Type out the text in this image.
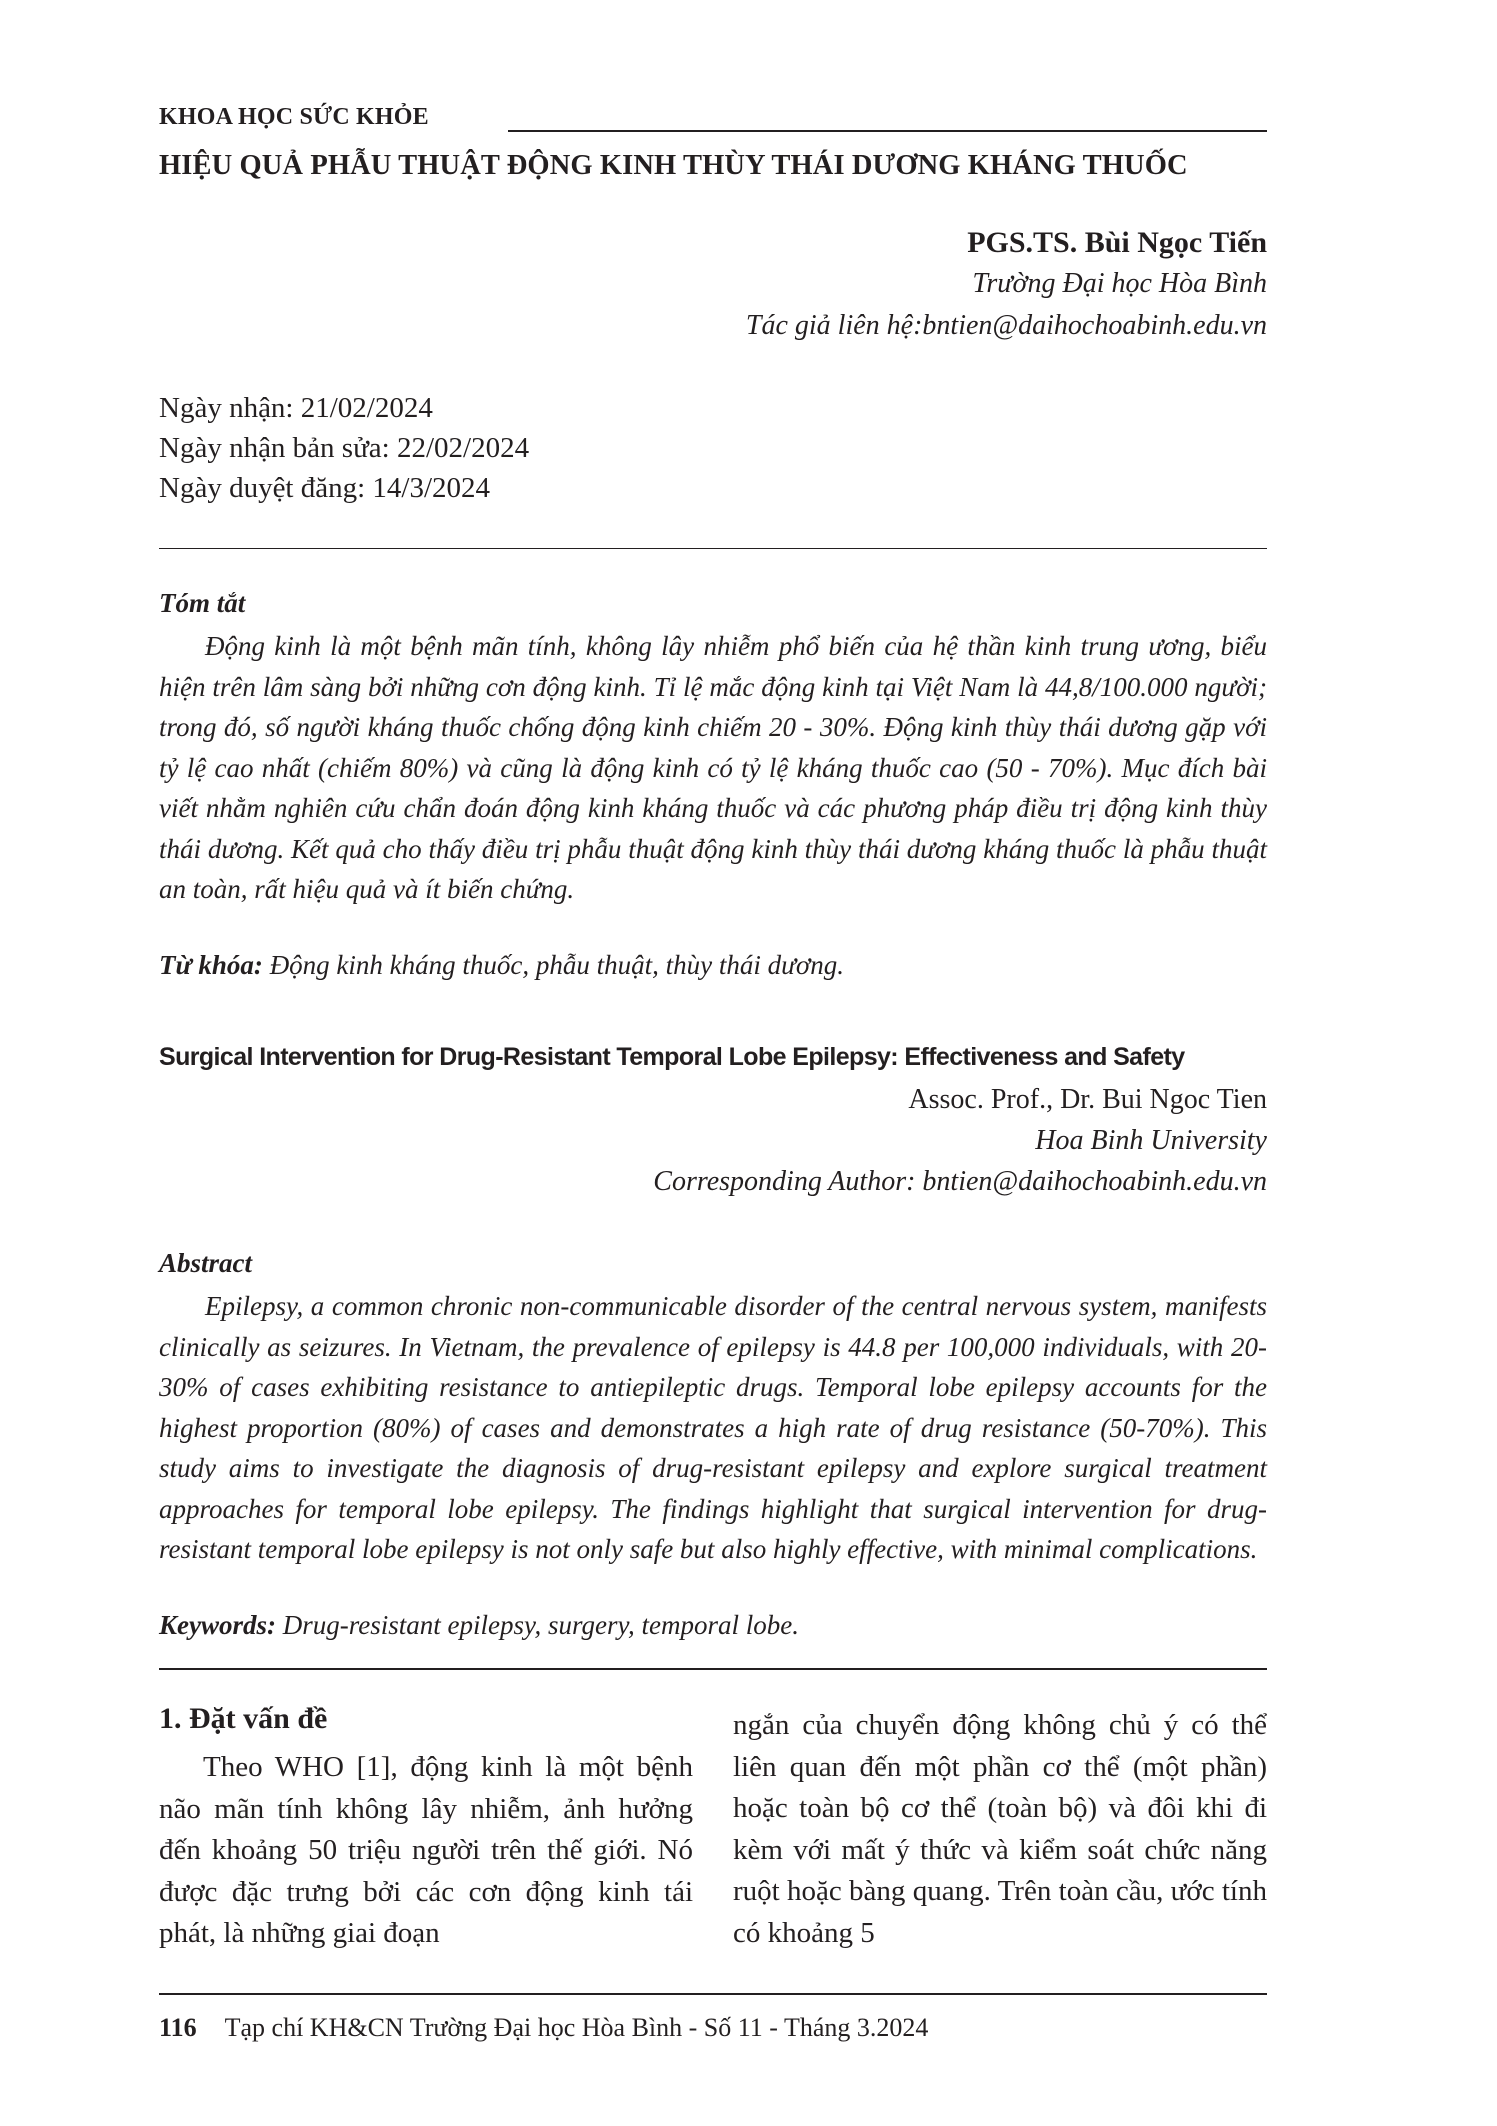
KHOA HỌC SỨC KHỎE
HIỆU QUẢ PHẪU THUẬT ĐỘNG KINH THÙY THÁI DƯƠNG KHÁNG THUỐC
PGS.TS. Bùi Ngọc Tiến
Trường Đại học Hòa Bình
Tác giả liên hệ:bntien@daihochoabinh.edu.vn
Ngày nhận: 21/02/2024
Ngày nhận bản sửa: 22/02/2024
Ngày duyệt đăng: 14/3/2024
Tóm tắt

Động kinh là một bệnh mãn tính, không lây nhiễm phổ biến của hệ thần kinh trung ương, biểu hiện trên lâm sàng bởi những cơn động kinh. Tỉ lệ mắc động kinh tại Việt Nam là 44,8/100.000 người; trong đó, số người kháng thuốc chống động kinh chiếm 20 - 30%. Động kinh thùy thái dương gặp với tỷ lệ cao nhất (chiếm 80%) và cũng là động kinh có tỷ lệ kháng thuốc cao (50 - 70%). Mục đích bài viết nhằm nghiên cứu chẩn đoán động kinh kháng thuốc và các phương pháp điều trị động kinh thùy thái dương. Kết quả cho thấy điều trị phẫu thuật động kinh thùy thái dương kháng thuốc là phẫu thuật an toàn, rất hiệu quả và ít biến chứng.

Từ khóa: Động kinh kháng thuốc, phẫu thuật, thùy thái dương.
Surgical Intervention for Drug-Resistant Temporal Lobe Epilepsy: Effectiveness and Safety
Assoc. Prof., Dr. Bui Ngoc Tien
Hoa Binh University
Corresponding Author: bntien@daihochoabinh.edu.vn
Abstract

Epilepsy, a common chronic non-communicable disorder of the central nervous system, manifests clinically as seizures. In Vietnam, the prevalence of epilepsy is 44.8 per 100,000 individuals, with 20-30% of cases exhibiting resistance to antiepileptic drugs. Temporal lobe epilepsy accounts for the highest proportion (80%) of cases and demonstrates a high rate of drug resistance (50-70%). This study aims to investigate the diagnosis of drug-resistant epilepsy and explore surgical treatment approaches for temporal lobe epilepsy. The findings highlight that surgical intervention for drug-resistant temporal lobe epilepsy is not only safe but also highly effective, with minimal complications.

Keywords: Drug-resistant epilepsy, surgery, temporal lobe.
1. Đặt vấn đề

Theo WHO [1], động kinh là một bệnh não mãn tính không lây nhiễm, ảnh hưởng đến khoảng 50 triệu người trên thế giới. Nó được đặc trưng bởi các cơn động kinh tái phát, là những giai đoạn

ngắn của chuyển động không chủ ý có thể liên quan đến một phần cơ thể (một phần) hoặc toàn bộ cơ thể (toàn bộ) và đôi khi đi kèm với mất ý thức và kiểm soát chức năng ruột hoặc bàng quang. Trên toàn cầu, ước tính có khoảng 5

116 Tạp chí KH&CN Trường Đại học Hòa Bình - Số 11 - Tháng 3.2024
